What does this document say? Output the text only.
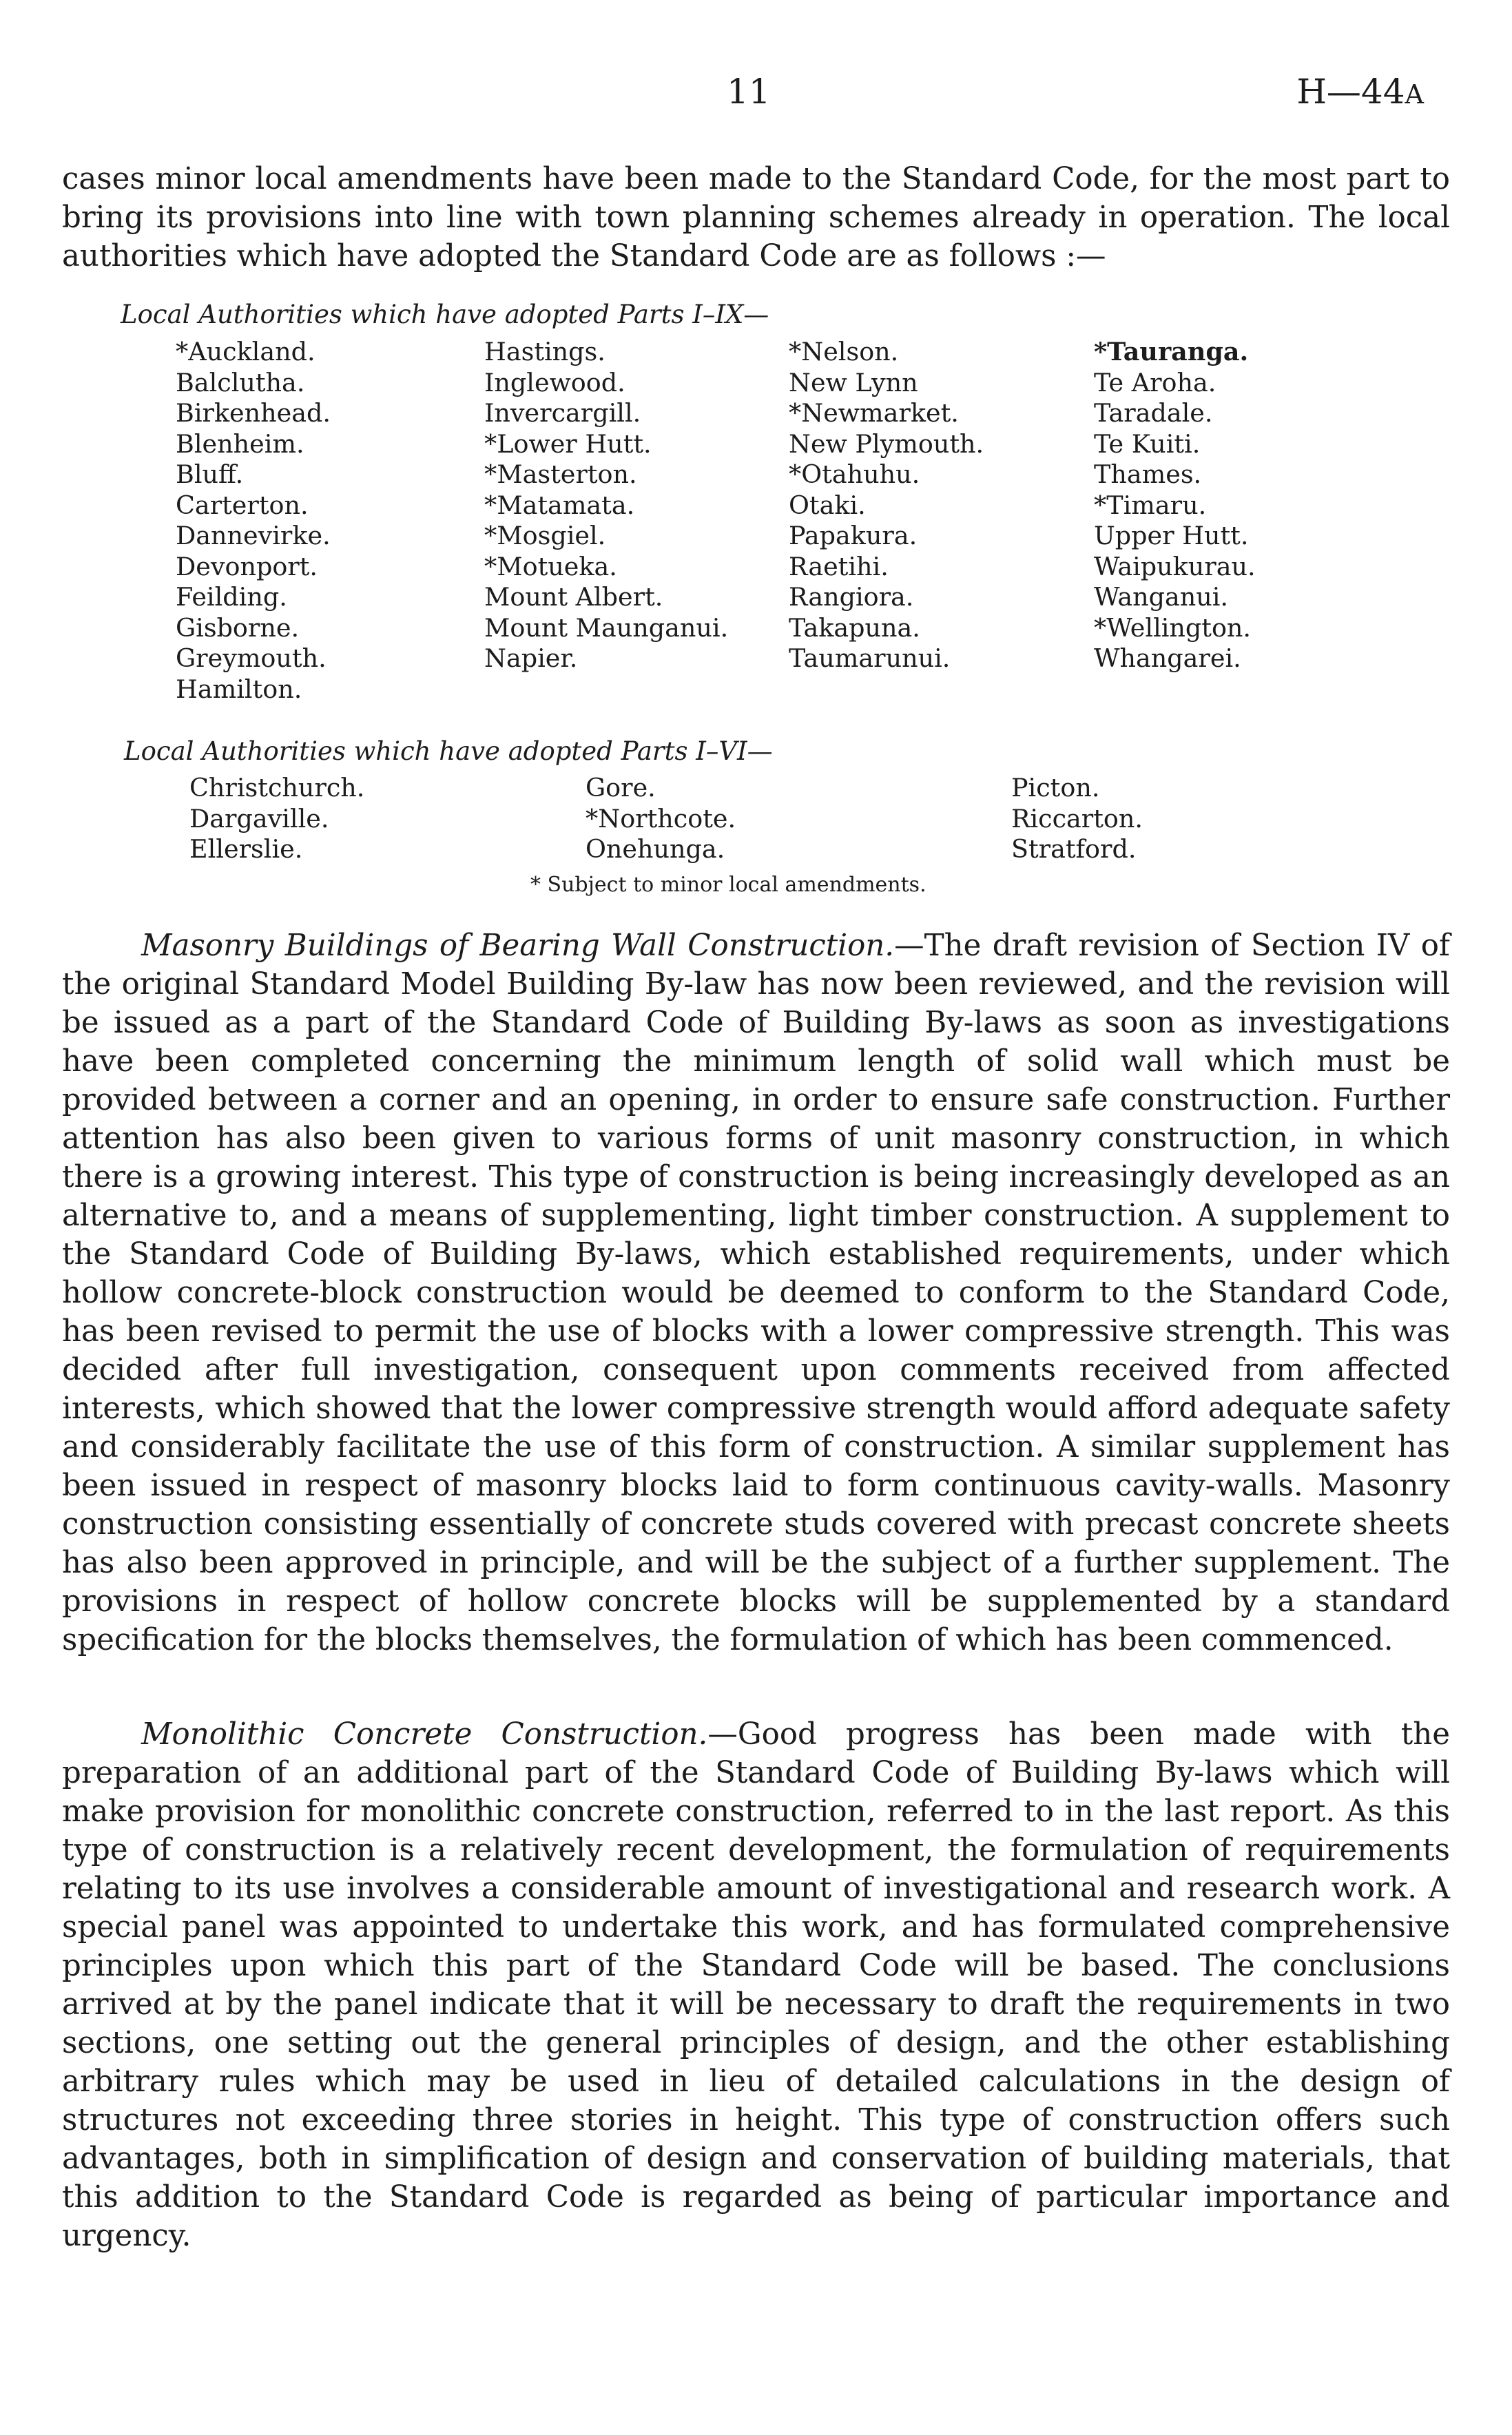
11	H—44A

cases minor local amendments have been made to the Standard Code, for the most part to bring its provisions into line with town planning schemes already in operation. The local authorities which have adopted the Standard Code are as follows :—

Local Authorities which have adopted Parts I–IX—

*Auckland.
Balclutha.
Birkenhead.
Blenheim.
Bluff.
Carterton.
Dannevirke.
Devonport.
Feilding.
Gisborne.
Greymouth.
Hamilton.
Hastings.
Inglewood.
Invercargill.
*Lower Hutt.
*Masterton.
*Matamata.
*Mosgiel.
*Motueka.
Mount Albert.
Mount Maunganui.
Napier.
*Nelson.
New Lynn
*Newmarket.
New Plymouth.
*Otahuhu.
Otaki.
Papakura.
Raetihi.
Rangiora.
Takapuna.
Taumarunui.
*Tauranga.
Te Aroha.
Taradale.
Te Kuiti.
Thames.
*Timaru.
Upper Hutt.
Waipukurau.
Wanganui.
*Wellington.
Whangarei.

Local Authorities which have adopted Parts I–VI—

Christchurch.
Dargaville.
Ellerslie.
Gore.
*Northcote.
Onehunga.
Picton.
Riccarton.
Stratford.
* Subject to minor local amendments.

Masonry Buildings of Bearing Wall Construction.—The draft revision of Section IV of the original Standard Model Building By-law has now been reviewed, and the revision will be issued as a part of the Standard Code of Building By-laws as soon as investigations have been completed concerning the minimum length of solid wall which must be provided between a corner and an opening, in order to ensure safe construction. Further attention has also been given to various forms of unit masonry construction, in which there is a growing interest. This type of construction is being increasingly developed as an alternative to, and a means of supplementing, light timber construction. A supplement to the Standard Code of Building By-laws, which established requirements, under which hollow concrete-block construction would be deemed to conform to the Standard Code, has been revised to permit the use of blocks with a lower compressive strength. This was decided after full investigation, consequent upon comments received from affected interests, which showed that the lower compressive strength would afford adequate safety and considerably facilitate the use of this form of construction. A similar supplement has been issued in respect of masonry blocks laid to form continuous cavity-walls. Masonry construction consisting essentially of concrete studs covered with precast concrete sheets has also been approved in principle, and will be the subject of a further supplement. The provisions in respect of hollow concrete blocks will be supplemented by a standard specification for the blocks themselves, the formulation of which has been commenced.

Monolithic Concrete Construction.—Good progress has been made with the preparation of an additional part of the Standard Code of Building By-laws which will make provision for monolithic concrete construction, referred to in the last report. As this type of construction is a relatively recent development, the formulation of requirements relating to its use involves a considerable amount of investigational and research work. A special panel was appointed to undertake this work, and has formulated comprehensive principles upon which this part of the Standard Code will be based. The conclusions arrived at by the panel indicate that it will be necessary to draft the requirements in two sections, one setting out the general principles of design, and the other establishing arbitrary rules which may be used in lieu of detailed calculations in the design of structures not exceeding three stories in height. This type of construction offers such advantages, both in simplification of design and conservation of building materials, that this addition to the Standard Code is regarded as being of particular importance and urgency.
